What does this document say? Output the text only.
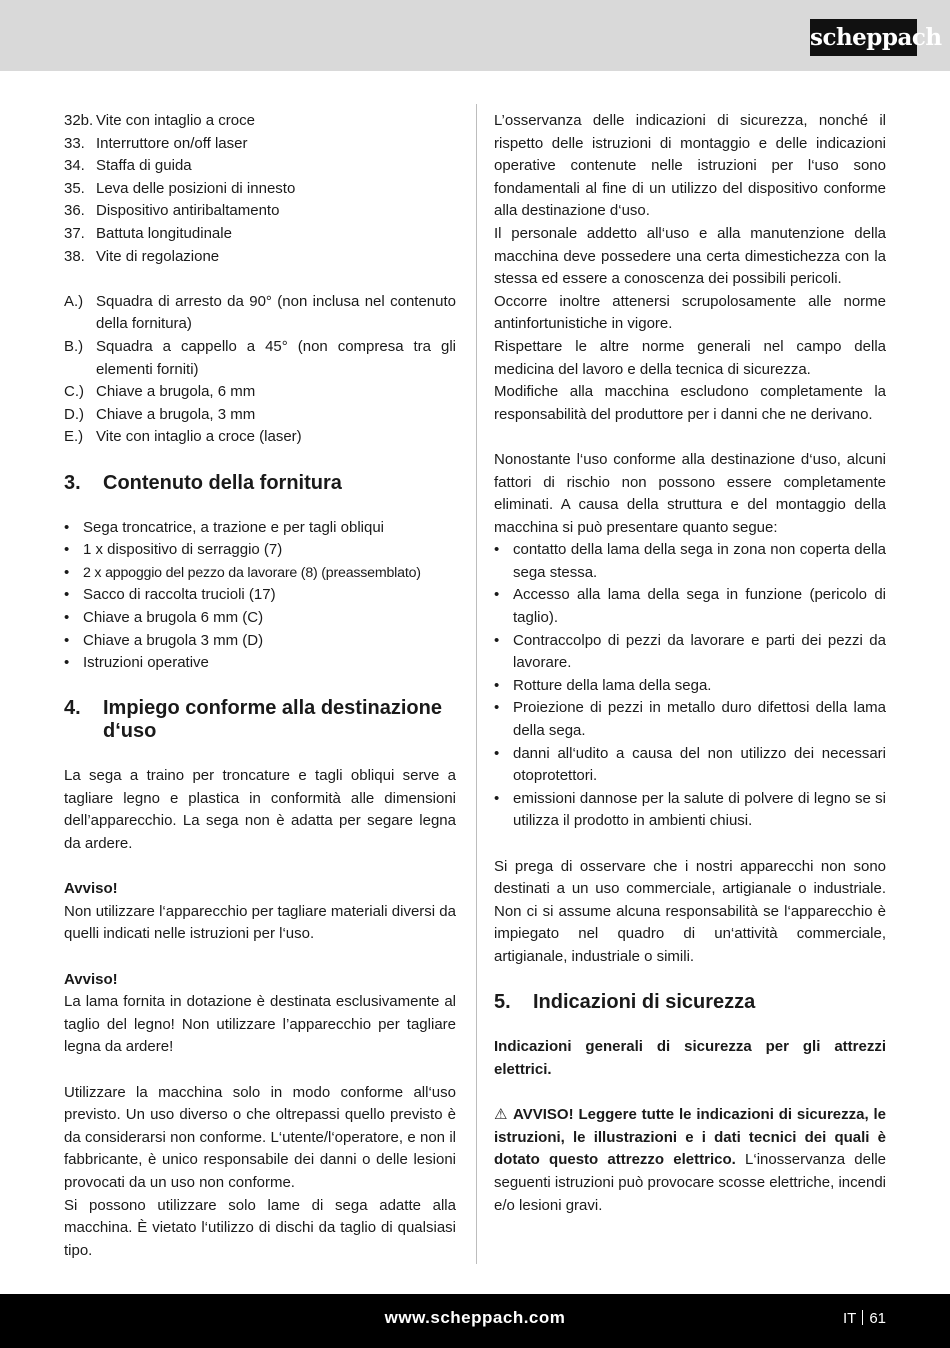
scheppach
32b. Vite con intaglio a croce
33. Interruttore on/off laser
34. Staffa di guida
35. Leva delle posizioni di innesto
36. Dispositivo antiribaltamento
37. Battuta longitudinale
38. Vite di regolazione
A.) Squadra di arresto da 90° (non inclusa nel contenuto della fornitura)
B.) Squadra a cappello a 45° (non compresa tra gli elementi forniti)
C.) Chiave a brugola, 6 mm
D.) Chiave a brugola, 3 mm
E.) Vite con intaglio a croce (laser)
3.	Contenuto della fornitura
• Sega troncatrice, a trazione e per tagli obliqui
• 1 x dispositivo di serraggio (7)
• 2 x appoggio del pezzo da lavorare (8) (preassemblato)
• Sacco di raccolta trucioli (17)
• Chiave a brugola 6 mm (C)
• Chiave a brugola 3 mm (D)
• Istruzioni operative
4.	Impiego conforme alla destinazione d‘uso

La sega a traino per troncature e tagli obliqui serve a tagliare legno e plastica in conformità alle dimensioni dell’apparecchio. La sega non è adatta per segare legna da ardere.

Avviso!

Non utilizzare l‘apparecchio per tagliare materiali diversi da quelli indicati nelle istruzioni per l‘uso.

Avviso!

La lama fornita in dotazione è destinata esclusivamente al taglio del legno! Non utilizzare l’apparecchio per tagliare legna da ardere!

Utilizzare la macchina solo in modo conforme all‘uso previsto. Un uso diverso o che oltrepassi quello previsto è da considerarsi non conforme. L‘utente/l‘operatore, e non il fabbricante, è unico responsabile dei danni o delle lesioni provocati da un uso non conforme.

Si possono utilizzare solo lame di sega adatte alla macchina. È vietato l‘utilizzo di dischi da taglio di qualsiasi tipo.

L’osservanza delle indicazioni di sicurezza, nonché il rispetto delle istruzioni di montaggio e delle indicazioni operative contenute nelle istruzioni per l‘uso sono fondamentali al fine di un utilizzo del dispositivo conforme alla destinazione d‘uso.

Il personale addetto all‘uso e alla manutenzione della macchina deve possedere una certa dimestichezza con la stessa ed essere a conoscenza dei possibili pericoli.

Occorre inoltre attenersi scrupolosamente alle norme antinfortunistiche in vigore.

Rispettare le altre norme generali nel campo della medicina del lavoro e della tecnica di sicurezza.

Modifiche alla macchina escludono completamente la responsabilità del produttore per i danni che ne derivano.

Nonostante l‘uso conforme alla destinazione d‘uso, alcuni fattori di rischio non possono essere completamente eliminati. A causa della struttura e del montaggio della macchina si può presentare quanto segue:

• contatto della lama della sega in zona non coperta della sega stessa.
• Accesso alla lama della sega in funzione (pericolo di taglio).
• Contraccolpo di pezzi da lavorare e parti dei pezzi da lavorare.
• Rotture della lama della sega.
• Proiezione di pezzi in metallo duro difettosi della lama della sega.
• danni all‘udito a causa del non utilizzo dei necessari otoprotettori.
• emissioni dannose per la salute di polvere di legno se si utilizza il prodotto in ambienti chiusi.

Si prega di osservare che i nostri apparecchi non sono destinati a un uso commerciale, artigianale o industriale. Non ci si assume alcuna responsabilità se l‘apparecchio è impiegato nel quadro di un‘attività commerciale, artigianale, industriale o simili.

5.	Indicazioni di sicurezza

Indicazioni generali di sicurezza per gli attrezzi elettrici.

⚠ AVVISO! Leggere tutte le indicazioni di sicurezza, le istruzioni, le illustrazioni e i dati tecnici dei quali è dotato questo attrezzo elettrico. L‘inosservanza delle seguenti istruzioni può provocare scosse elettriche, incendi e/o lesioni gravi.

www.scheppach.com	IT 61
